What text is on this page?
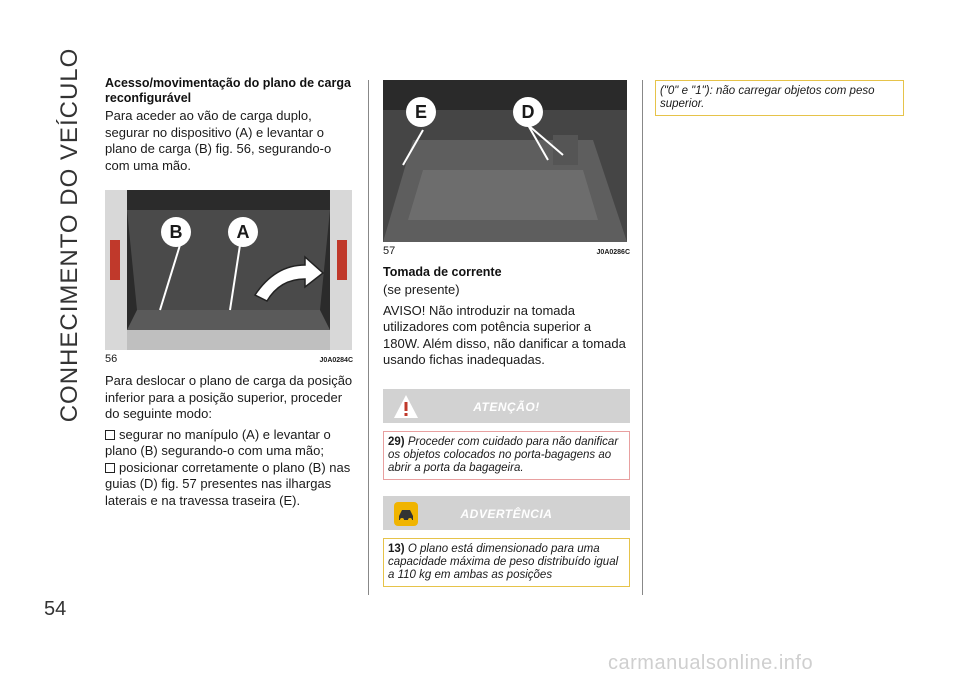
CONHECIMENTO DO VEÍCULO
54
Acesso/movimentação do plano de carga reconfigurável

Para aceder ao vão de carga duplo, segurar no dispositivo (A) e levantar o plano de carga (B) fig. 56, segurando-o com uma mão.

B	A
56	J0A0284C

Para deslocar o plano de carga da posição inferior para a posição superior, proceder do seguinte modo:

segurar no manípulo (A) e levantar o plano (B) segurando-o com uma mão;

posicionar corretamente o plano (B) nas guias (D) fig. 57 presentes nas ilhargas laterais e na travessa traseira (E).

E	D
57	J0A0286C
Tomada de corrente

(se presente)

AVISO! Não introduzir na tomada utilizadores com potência superior a 180W. Além disso, não danificar a tomada usando fichas inadequadas.

ATENÇÃO!
29) Proceder com cuidado para não danificar os objetos colocados no porta-bagagens ao abrir a porta da bagageira.
ADVERTÊNCIA
13) O plano está dimensionado para uma capacidade máxima de peso distribuído igual a 110 kg em ambas as posições
("0" e "1"): não carregar objetos com peso superior.
carmanualsonline.info
